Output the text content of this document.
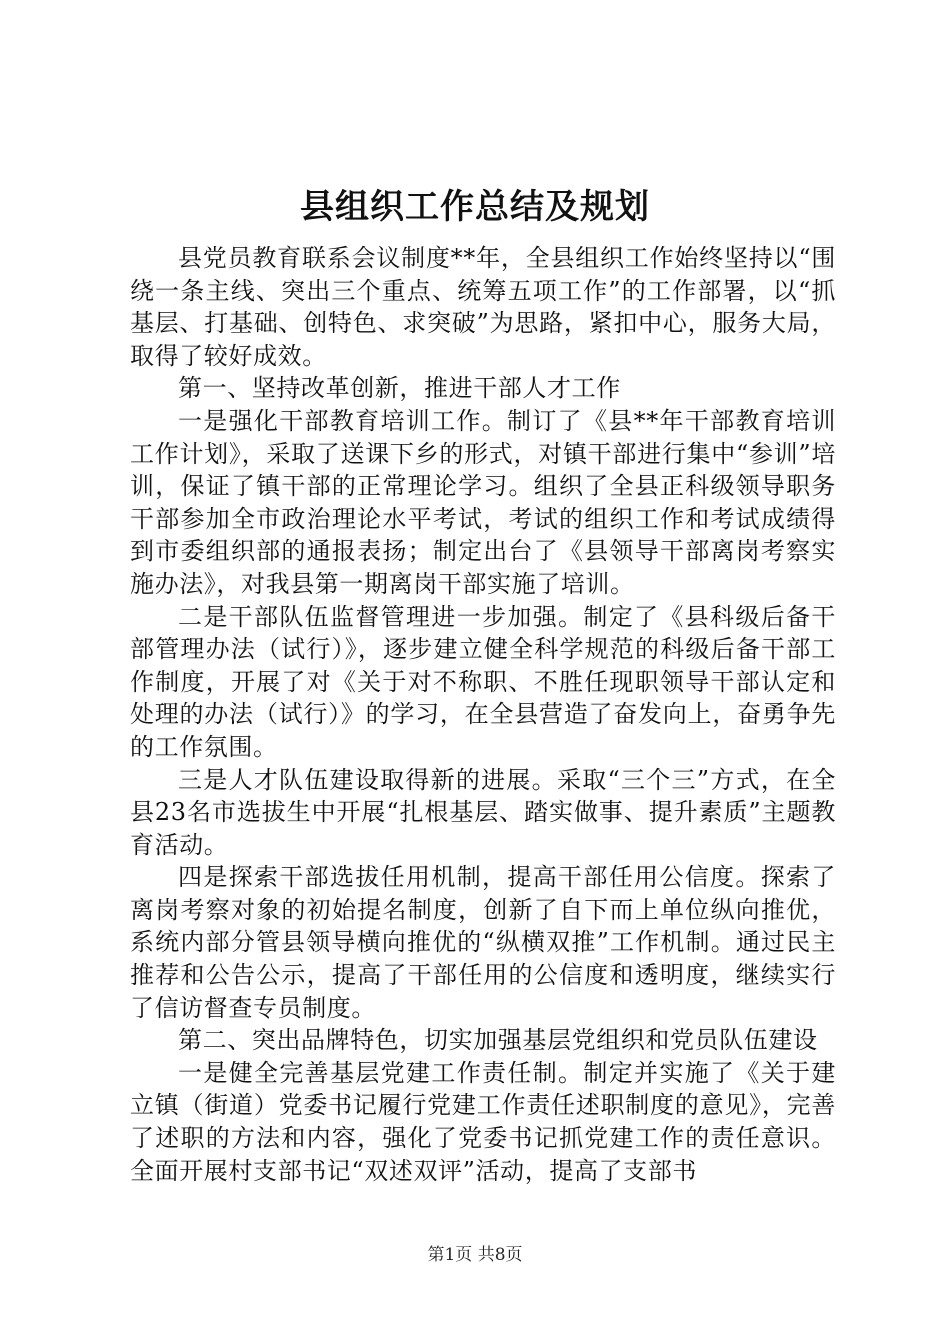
县组织工作总结及规划

县党员教育联系会议制度**年，全县组织工作始终坚持以“围绕一条主线、突出三个重点、统筹五项工作”的工作部署，以“抓基层、打基础、创特色、求突破”为思路，紧扣中心，服务大局，取得了较好成效。

第一、坚持改革创新，推进干部人才工作

一是强化干部教育培训工作。制订了《县**年干部教育培训工作计划》，采取了送课下乡的形式，对镇干部进行集中“参训”培训，保证了镇干部的正常理论学习。组织了全县正科级领导职务干部参加全市政治理论水平考试，考试的组织工作和考试成绩得到市委组织部的通报表扬；制定出台了《县领导干部离岗考察实施办法》，对我县第一期离岗干部实施了培训。

二是干部队伍监督管理进一步加强。制定了《县科级后备干部管理办法（试行）》，逐步建立健全科学规范的科级后备干部工作制度，开展了对《关于对不称职、不胜任现职领导干部认定和处理的办法（试行）》的学习，在全县营造了奋发向上，奋勇争先的工作氛围。

三是人才队伍建设取得新的进展。采取“三个三”方式，在全县23名市选拔生中开展“扎根基层、踏实做事、提升素质”主题教育活动。

四是探索干部选拔任用机制，提高干部任用公信度。探索了离岗考察对象的初始提名制度，创新了自下而上单位纵向推优，系统内部分管县领导横向推优的“纵横双推”工作机制。通过民主推荐和公告公示，提高了干部任用的公信度和透明度，继续实行了信访督查专员制度。

第二、突出品牌特色，切实加强基层党组织和党员队伍建设

一是健全完善基层党建工作责任制。制定并实施了《关于建立镇（街道）党委书记履行党建工作责任述职制度的意见》，完善了述职的方法和内容，强化了党委书记抓党建工作的责任意识。全面开展村支部书记“双述双评”活动，提高了支部书

第1页 共8页
